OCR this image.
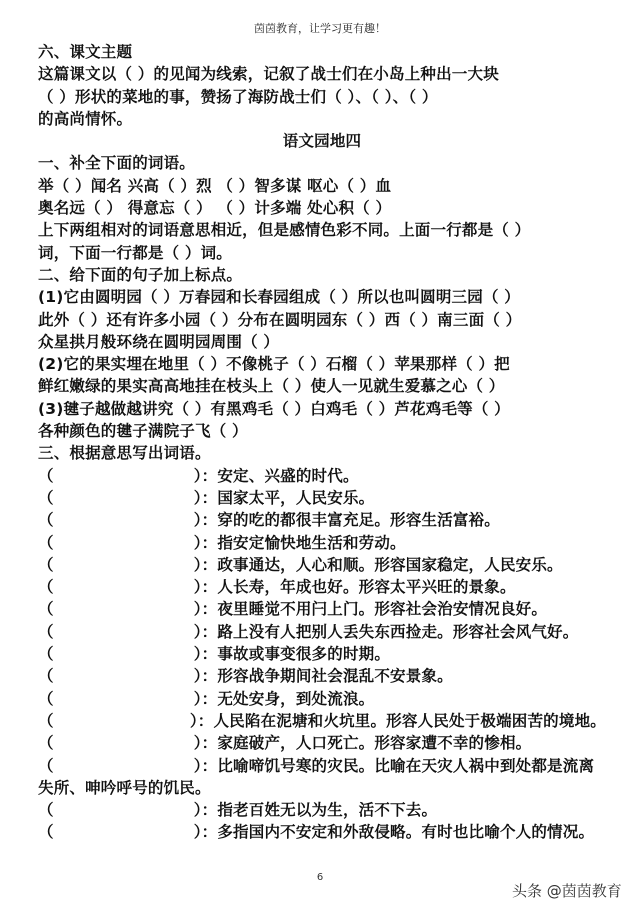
茵茵教育，让学习更有趣！
六、课文主题
这篇课文以（ ）的见闻为线索，记叙了战士们在小岛上种出一大块
（ ）形状的菜地的事，赞扬了海防战士们（ ）、（ ）、（ ）
的高尚情怀。
语文园地四
一、补全下面的词语。
举（ ）闻名 兴高（ ）烈 （ ）智多谋 呕心（ ）血
奥名远（ ） 得意忘（ ） （ ）计多端 处心积（ ）
上下两组相对的词语意思相近，但是感情色彩不同。上面一行都是（ ）
词，下面一行都是（ ）词。
二、给下面的句子加上标点。
(1)它由圆明园（ ）万春园和长春园组成（ ）所以也叫圆明三园（ ）
此外（ ）还有许多小园（ ）分布在圆明园东（ ）西（ ）南三面（ ）
众星拱月般环绕在圆明园周围（ ）
(2)它的果实埋在地里（ ）不像桃子（ ）石榴（ ）苹果那样（ ）把
鲜红嫩绿的果实高高地挂在枝头上（ ）使人一见就生爱慕之心（ ）
(3)毽子越做越讲究（ ）有黑鸡毛（ ）白鸡毛（ ）芦花鸡毛等（ ）
各种颜色的毽子满院子飞（ ）
三、根据意思写出词语。
（	）： 安定、兴盛的时代。
（	）： 国家太平，人民安乐。
（	）： 穿的吃的都很丰富充足。形容生活富裕。
（	）： 指安定愉快地生活和劳动。
（	）： 政事通达，人心和顺。形容国家稳定，人民安乐。
（	）： 人长寿，年成也好。形容太平兴旺的景象。
（	）： 夜里睡觉不用闩上门。形容社会治安情况良好。
（	）： 路上没有人把别人丢失东西捡走。形容社会风气好。
（	）： 事故或事变很多的时期。
（	）： 形容战争期间社会混乱不安景象。
（	）： 无处安身，到处流浪。
（	）： 人民陷在泥塘和火坑里。形容人民处于极端困苦的境地。
（	）： 家庭破产，人口死亡。形容家遭不幸的惨相。
（	）： 比喻啼饥号寒的灾民。比喻在天灾人祸中到处都是流离
失所、呻吟呼号的饥民。
（	）： 指老百姓无以为生，活不下去。
（	）： 多指国内不安定和外敌侵略。有时也比喻个人的情况。
6
头条 @茵茵教育
